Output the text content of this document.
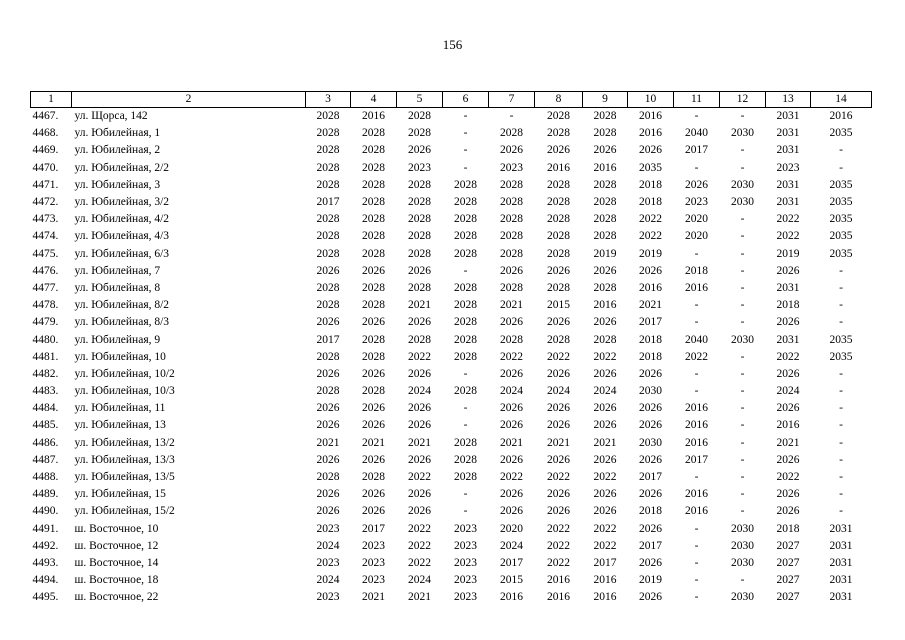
156
1	2	3	4	5	6	7	8	9	10	11	12	13	14
4467.	ул. Щорса, 142	2028	2016	2028	-	-	2028	2028	2016	-	-	2031	2016
4468.	ул. Юбилейная, 1	2028	2028	2028	-	2028	2028	2028	2016	2040	2030	2031	2035
4469.	ул. Юбилейная, 2	2028	2028	2026	-	2026	2026	2026	2026	2017	-	2031	-
4470.	ул. Юбилейная, 2/2	2028	2028	2023	-	2023	2016	2016	2035	-	-	2023	-
4471.	ул. Юбилейная, 3	2028	2028	2028	2028	2028	2028	2028	2018	2026	2030	2031	2035
4472.	ул. Юбилейная, 3/2	2017	2028	2028	2028	2028	2028	2028	2018	2023	2030	2031	2035
4473.	ул. Юбилейная, 4/2	2028	2028	2028	2028	2028	2028	2028	2022	2020	-	2022	2035
4474.	ул. Юбилейная, 4/3	2028	2028	2028	2028	2028	2028	2028	2022	2020	-	2022	2035
4475.	ул. Юбилейная, 6/3	2028	2028	2028	2028	2028	2028	2019	2019	-	-	2019	2035
4476.	ул. Юбилейная, 7	2026	2026	2026	-	2026	2026	2026	2026	2018	-	2026	-
4477.	ул. Юбилейная, 8	2028	2028	2028	2028	2028	2028	2028	2016	2016	-	2031	-
4478.	ул. Юбилейная, 8/2	2028	2028	2021	2028	2021	2015	2016	2021	-	-	2018	-
4479.	ул. Юбилейная, 8/3	2026	2026	2026	2028	2026	2026	2026	2017	-	-	2026	-
4480.	ул. Юбилейная, 9	2017	2028	2028	2028	2028	2028	2028	2018	2040	2030	2031	2035
4481.	ул. Юбилейная, 10	2028	2028	2022	2028	2022	2022	2022	2018	2022	-	2022	2035
4482.	ул. Юбилейная, 10/2	2026	2026	2026	-	2026	2026	2026	2026	-	-	2026	-
4483.	ул. Юбилейная, 10/3	2028	2028	2024	2028	2024	2024	2024	2030	-	-	2024	-
4484.	ул. Юбилейная, 11	2026	2026	2026	-	2026	2026	2026	2026	2016	-	2026	-
4485.	ул. Юбилейная, 13	2026	2026	2026	-	2026	2026	2026	2026	2016	-	2016	-
4486.	ул. Юбилейная, 13/2	2021	2021	2021	2028	2021	2021	2021	2030	2016	-	2021	-
4487.	ул. Юбилейная, 13/3	2026	2026	2026	2028	2026	2026	2026	2026	2017	-	2026	-
4488.	ул. Юбилейная, 13/5	2028	2028	2022	2028	2022	2022	2022	2017	-	-	2022	-
4489.	ул. Юбилейная, 15	2026	2026	2026	-	2026	2026	2026	2026	2016	-	2026	-
4490.	ул. Юбилейная, 15/2	2026	2026	2026	-	2026	2026	2026	2018	2016	-	2026	-
4491.	ш. Восточное, 10	2023	2017	2022	2023	2020	2022	2022	2026	-	2030	2018	2031
4492.	ш. Восточное, 12	2024	2023	2022	2023	2024	2022	2022	2017	-	2030	2027	2031
4493.	ш. Восточное, 14	2023	2023	2022	2023	2017	2022	2017	2026	-	2030	2027	2031
4494.	ш. Восточное, 18	2024	2023	2024	2023	2015	2016	2016	2019	-	-	2027	2031
4495.	ш. Восточное, 22	2023	2021	2021	2023	2016	2016	2016	2026	-	2030	2027	2031
